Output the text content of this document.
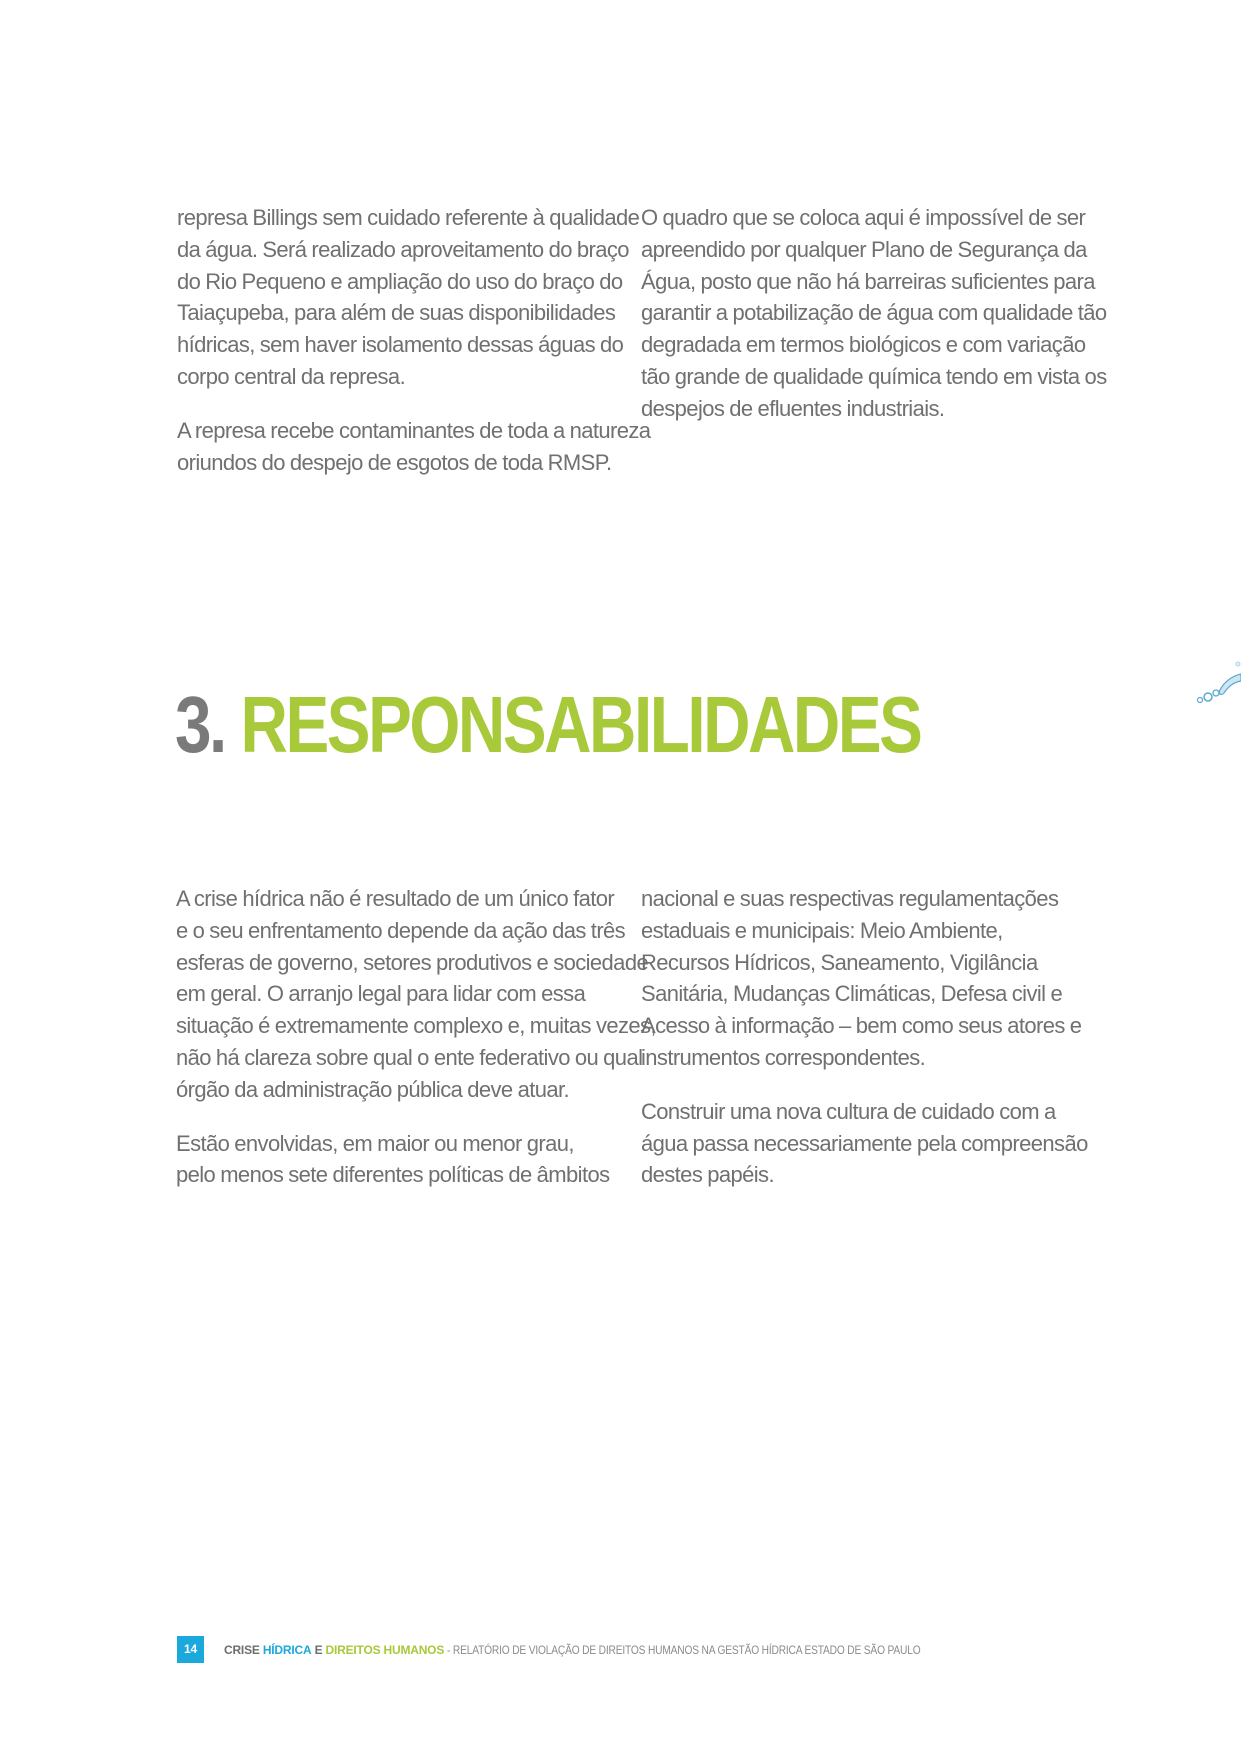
represa Billings sem cuidado referente à qualidade
da água. Será realizado aproveitamento do braço
do Rio Pequeno e ampliação do uso do braço do
Taiaçupeba, para além de suas disponibilidades
hídricas, sem haver isolamento dessas águas do
corpo central da represa.

A represa recebe contaminantes de toda a natureza
oriundos do despejo de esgotos de toda RMSP.

O quadro que se coloca aqui é impossível de ser
apreendido por qualquer Plano de Segurança da
Água, posto que não há barreiras suficientes para
garantir a potabilização de água com qualidade tão
degradada em termos biológicos e com variação
tão grande de qualidade química tendo em vista os
despejos de efluentes industriais.

3. RESPONSABILIDADES

A crise hídrica não é resultado de um único fator
e o seu enfrentamento depende da ação das três
esferas de governo, setores produtivos e sociedade
em geral. O arranjo legal para lidar com essa
situação é extremamente complexo e, muitas vezes,
não há clareza sobre qual o ente federativo ou qual
órgão da administração pública deve atuar.

Estão envolvidas, em maior ou menor grau,
pelo menos sete diferentes políticas de âmbitos

nacional e suas respectivas regulamentações
estaduais e municipais: Meio Ambiente,
Recursos Hídricos, Saneamento, Vigilância
Sanitária, Mudanças Climáticas, Defesa civil e
Acesso à informação – bem como seus atores e
instrumentos correspondentes.

Construir uma nova cultura de cuidado com a
água passa necessariamente pela compreensão
destes papéis.

14	CRISE
HÍDRICA
E
DIREITOS HUMANOS
- RELATÓRIO DE VIOLAÇÃO DE DIREITOS HUMANOS NA GESTÃO HÍDRICA ESTADO DE SÃO PAULO
